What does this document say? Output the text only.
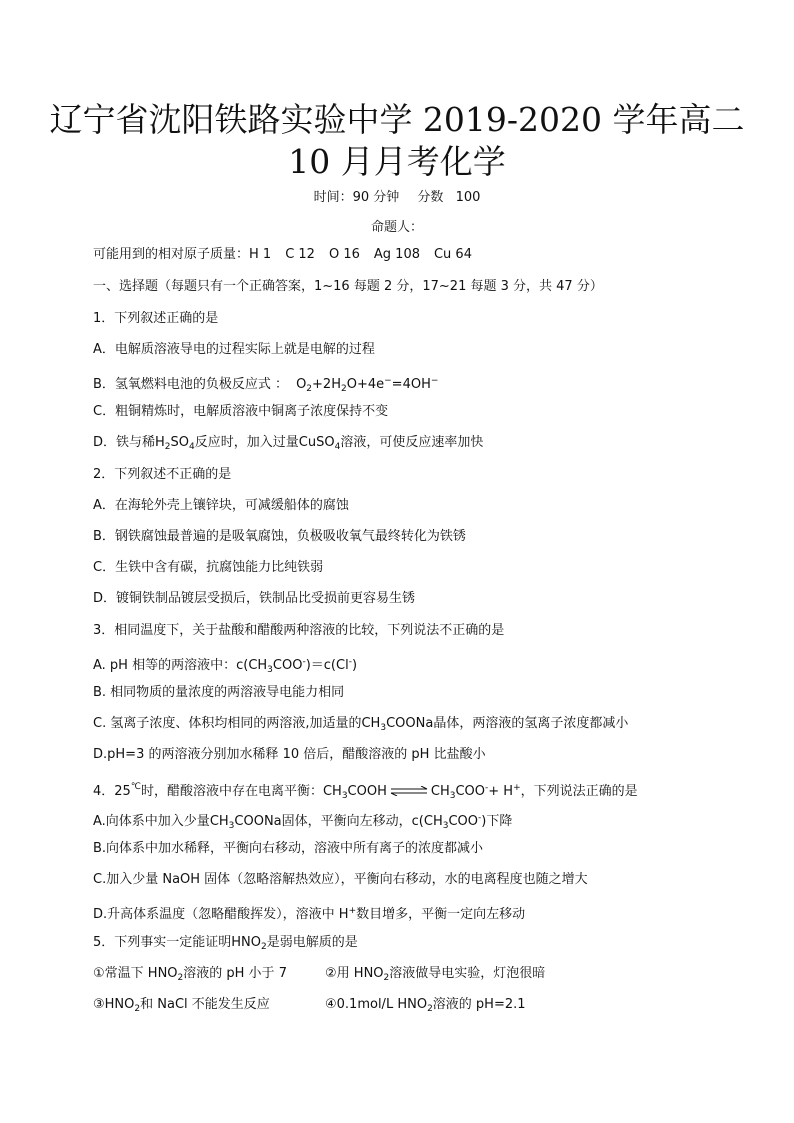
辽宁省沈阳铁路实验中学 2019-2020 学年高二
10 月月考化学
时间：90 分钟 分数 100
命题人：
可能用到的相对原子质量：H 1 C 12 O 16 Ag 108 Cu 64
一、选择题（每题只有一个正确答案，1~16 每题 2 分，17~21 每题 3 分，共 47 分）
1．下列叙述正确的是
A．电解质溶液导电的过程实际上就是电解的过程
B．氢氧燃料电池的负极反应式 ： $O_2+2H_2O+4e^-=4OH^-$
C．粗铜精炼时，电解质溶液中铜离子浓度保持不变
D．铁与稀$H_2SO_4$反应时，加入过量CuSO$_4$溶液，可使反应速率加快
2．下列叙述不正确的是
A．在海轮外壳上镶锌块，可减缓船体的腐蚀
B．钢铁腐蚀最普遍的是吸氧腐蚀，负极吸收氧气最终转化为铁锈
C．生铁中含有碳，抗腐蚀能力比纯铁弱
D．镀铜铁制品镀层受损后，铁制品比受损前更容易生锈
3．相同温度下，关于盐酸和醋酸两种溶液的比较，下列说法不正确的是
A. pH 相等的两溶液中：$c(CH_3COO^-)=c(Cl^-)$
B. 相同物质的量浓度的两溶液导电能力相同
C. 氢离子浓度、体积均相同的两溶液,加适量的$CH_3COONa$晶体，两溶液的氢离子浓度都减小
D.pH=3 的两溶液分别加水稀释 10 倍后，醋酸溶液的 pH 比盐酸小
4．25℃时，醋酸溶液中存在电离平衡：$CH_3COOH$ ⇌ $CH_3COO^-+ H^+$，下列说法正确的是
A.向体系中加入少量$CH_3COONa$固体，平衡向左移动，$c(CH_3COO^-)$下降
B.向体系中加水稀释，平衡向右移动，溶液中所有离子的浓度都减小
C.加入少量 NaOH 固体（忽略溶解热效应），平衡向右移动，水的电离程度也随之增大
D.升高体系温度（忽略醋酸挥发），溶液中 H+数目增多，平衡一定向左移动
5．下列事实一定能证明$HNO_2$是弱电解质的是
①常温下 $HNO_2$溶液的 pH 小于 7	②用 $HNO_2$溶液做导电实验，灯泡很暗
$③HNO_2$和 NaCl 不能发生反应	④0.1mol/L $HNO_2$溶液的 pH=2.1
